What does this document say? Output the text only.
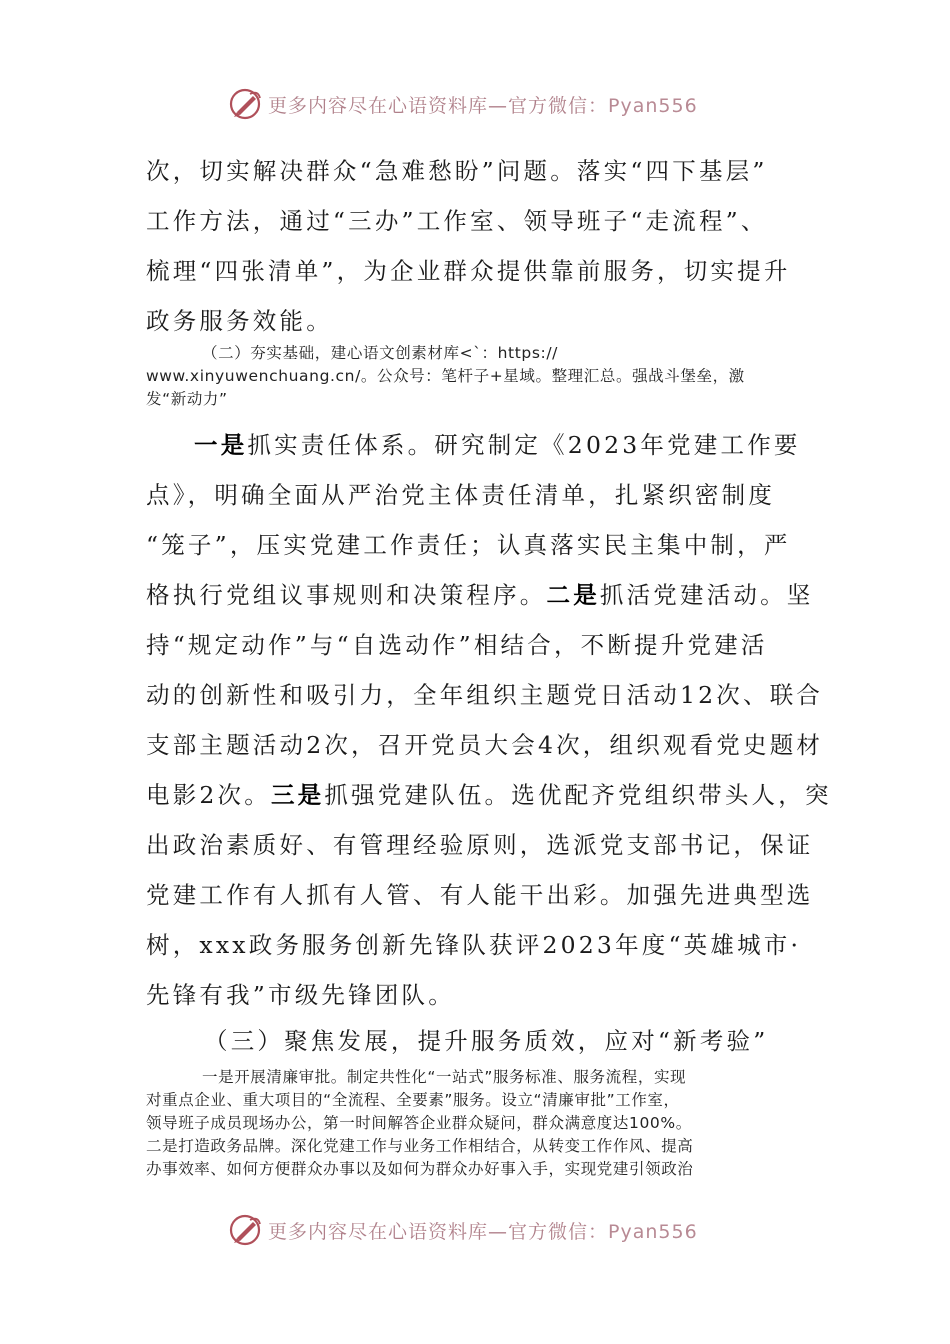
更多内容尽在心语资料库—官方微信：Pyan556
次，切实解决群众“急难愁盼”问题。落实“四下基层”
工作方法，通过“三办”工作室、领导班子“走流程”、
梳理“四张清单”，为企业群众提供靠前服务，切实提升
政务服务效能。
（二）夯实基础，建心语文创素材库<`：https://
www.xinyuwenchuang.cn/。公众号：笔杆子+星域。整理汇总。强战斗堡垒，激
发“新动力”
一是抓实责任体系。研究制定《2023年党建工作要
点》，明确全面从严治党主体责任清单，扎紧织密制度
“笼子”，压实党建工作责任；认真落实民主集中制，严
格执行党组议事规则和决策程序。二是抓活党建活动。坚
持“规定动作”与“自选动作”相结合，不断提升党建活
动的创新性和吸引力，全年组织主题党日活动12次、联合
支部主题活动2次，召开党员大会4次，组织观看党史题材
电影2次。三是抓强党建队伍。选优配齐党组织带头人，突
出政治素质好、有管理经验原则，选派党支部书记，保证
党建工作有人抓有人管、有人能干出彩。加强先进典型选
树，xxx政务服务创新先锋队获评2023年度“英雄城市·
先锋有我”市级先锋团队。
（三）聚焦发展，提升服务质效，应对“新考验”
一是开展清廉审批。制定共性化“一站式”服务标准、服务流程，实现
对重点企业、重大项目的“全流程、全要素”服务。设立“清廉审批”工作室，
领导班子成员现场办公，第一时间解答企业群众疑问，群众满意度达100%。
二是打造政务品牌。深化党建工作与业务工作相结合，从转变工作作风、提高
办事效率、如何方便群众办事以及如何为群众办好事入手，实现党建引领政治
更多内容尽在心语资料库—官方微信：Pyan556
